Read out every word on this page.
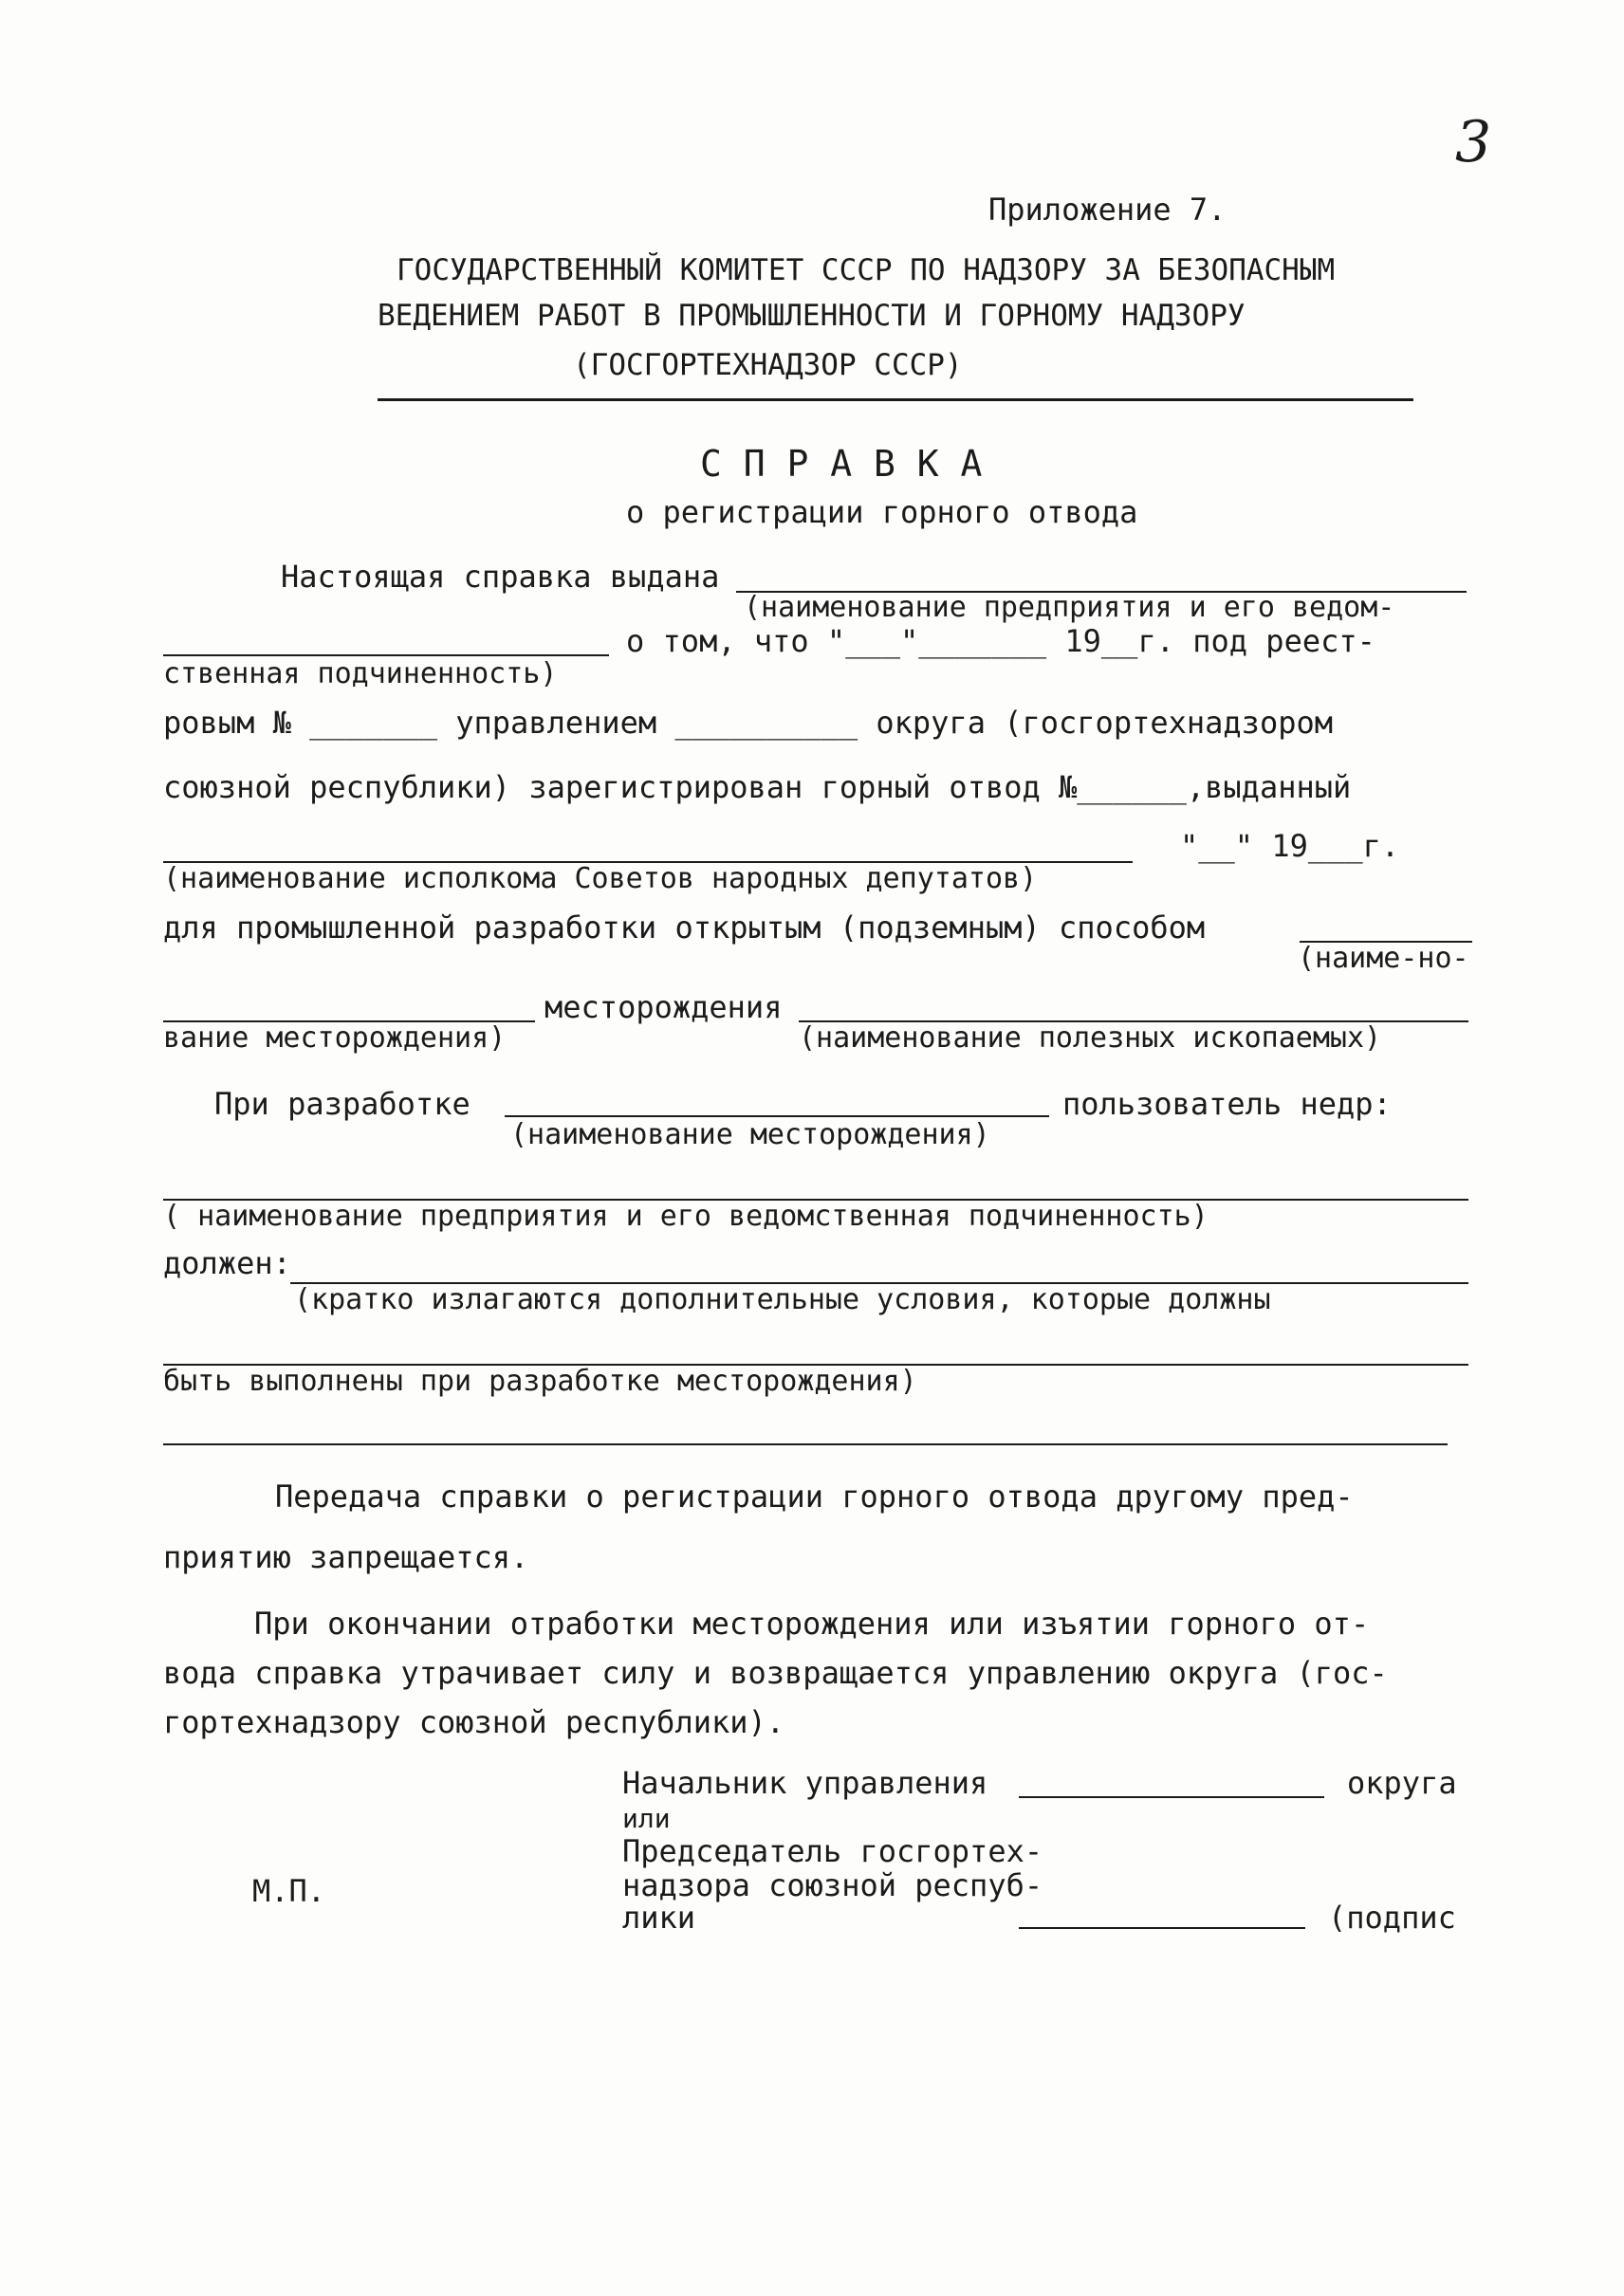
3
Приложение 7.
ГОСУДАРСТВЕННЫЙ КОМИТЕТ СССР ПО НАДЗОРУ ЗА БЕЗОПАСНЫМ
ВЕДЕНИЕМ РАБОТ В ПРОМЫШЛЕННОСТИ И ГОРНОМУ НАДЗОРУ
(ГОСГОРТЕХНАДЗОР СССР)
С П Р А В К А
о регистрации горного отвода
Настоящая справка выдана
(наименование предприятия и его ведом-
о том, что "___"_______ 19__г. под реест-
ственная подчиненность)
ровым № _______ управлением __________ округа (госгортехнадзором
союзной республики) зарегистрирован горный отвод №______,выданный
"__" 19___г.
(наименование исполкома Советов народных депутатов)
для промышленной разработки открытым (подземным) способом
(наиме-но-
месторождения
вание месторождения)	(наименование полезных ископаемых)
При разработке	пользователь недр:
(наименование месторождения)
( наименование предприятия и его ведомственная подчиненность)
должен:
(кратко излагаются дополнительные условия, которые должны
быть выполнены при разработке месторождения)
Передача справки о регистрации горного отвода другому пред-
приятию запрещается.
При окончании отработки месторождения или изъятии горного от-
вода справка утрачивает силу и возвращается управлению округа (гос-
гортехнадзору союзной республики).
Начальник управления	округа
или
Председатель госгортех-
надзора союзной респуб-
лики	(подпис
М.П.
